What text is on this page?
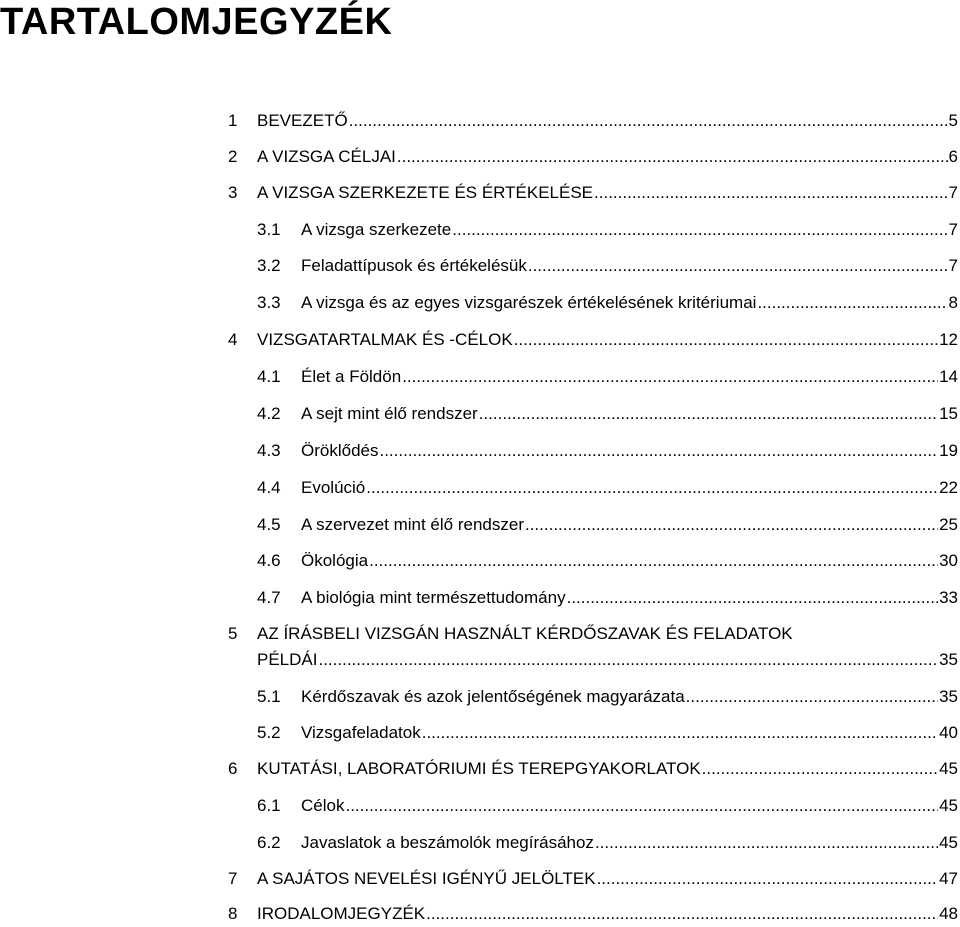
TARTALOMJEGYZÉK
1 BEVEZETŐ .....	5
2 A VIZSGA CÉLJAI .....	6
3 A VIZSGA SZERKEZETE ÉS ÉRTÉKELÉSE .....	7
3.1 A vizsga szerkezete .....	7
3.2 Feladattípusok és értékelésük .....	7
3.3 A vizsga és az egyes vizsgarészek értékelésének kritériumai .....	8
4 VIZSGATARTALMAK ÉS -CÉLOK .....	12
4.1 Élet a Földön .....	14
4.2 A sejt mint élő rendszer .....	15
4.3 Öröklődés .....	19
4.4 Evolúció .....	22
4.5 A szervezet mint élő rendszer .....	25
4.6 Ökológia .....	30
4.7 A biológia mint természettudomány .....	33
5 AZ ÍRÁSBELI VIZSGÁN HASZNÁLT KÉRDŐSZAVAK ÉS FELADATOK
PÉLDÁI .....	35
5.1 Kérdőszavak és azok jelentőségének magyarázata .....	35
5.2 Vizsgafeladatok .....	40
6 KUTATÁSI, LABORATÓRIUMI ÉS TEREPGYAKORLATOK .....	45
6.1 Célok .....	45
6.2 Javaslatok a beszámolók megírásához .....	45
7 A SAJÁTOS NEVELÉSI IGÉNYŰ JELÖLTEK .....	47
8 IRODALOMJEGYZÉK .....	48
